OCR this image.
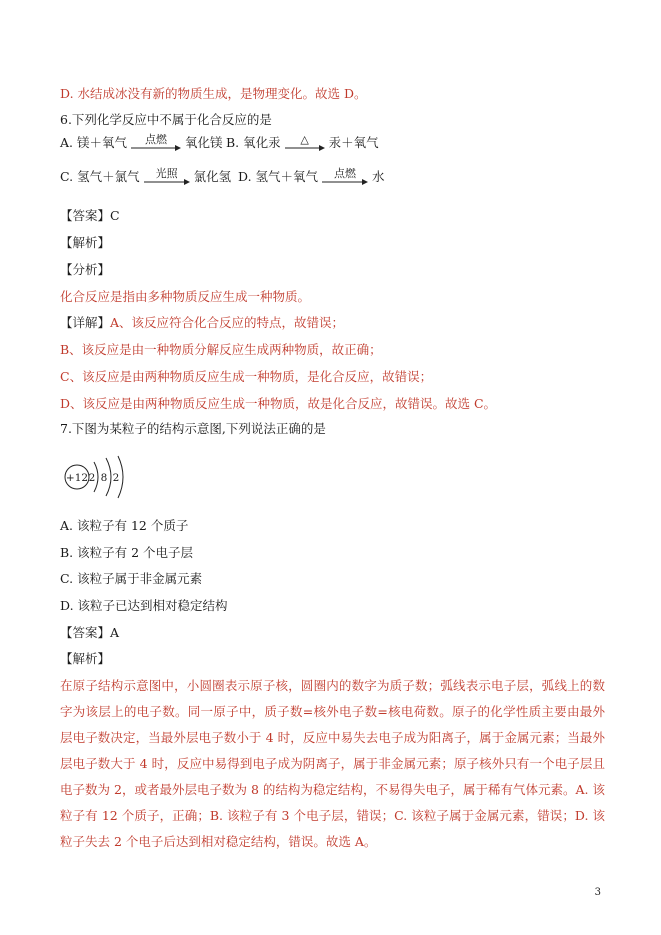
D. 水结成冰没有新的物质生成，是物理变化。故选 D。
6.下列化学反应中不属于化合反应的是
A. 镁＋氧气 点燃 氧化镁 B. 氧化汞 △ 汞＋氧气
C. 氢气＋氯气 光照 氯化氢 D. 氢气＋氧气 点燃 水
【答案】C
【解析】
【分析】
化合反应是指由多种物质反应生成一种物质。
【详解】A、该反应符合化合反应的特点，故错误；
B、该反应是由一种物质分解反应生成两种物质，故正确；
C、该反应是由两种物质反应生成一种物质，是化合反应，故错误；
D、该反应是由两种物质反应生成一种物质，故是化合反应，故错误。故选 C。
7.下图为某粒子的结构示意图,下列说法正确的是
+12 2 8 2
A. 该粒子有 12 个质子
B. 该粒子有 2 个电子层
C. 该粒子属于非金属元素
D. 该粒子已达到相对稳定结构
【答案】A
【解析】
在原子结构示意图中，小圆圈表示原子核，圆圈内的数字为质子数；弧线表示电子层，弧线上的数字为该层上的电子数。同一原子中，质子数=核外电子数=核电荷数。原子的化学性质主要由最外层电子数决定，当最外层电子数小于 4 时，反应中易失去电子成为阳离子，属于金属元素；当最外层电子数大于 4 时，反应中易得到电子成为阴离子，属于非金属元素；原子核外只有一个电子层且电子数为 2，或者最外层电子数为 8 的结构为稳定结构，不易得失电子，属于稀有气体元素。A. 该粒子有 12 个质子，正确；B. 该粒子有 3 个电子层，错误；C. 该粒子属于金属元素，错误；D. 该粒子失去 2 个电子后达到相对稳定结构，错误。故选 A。
3
